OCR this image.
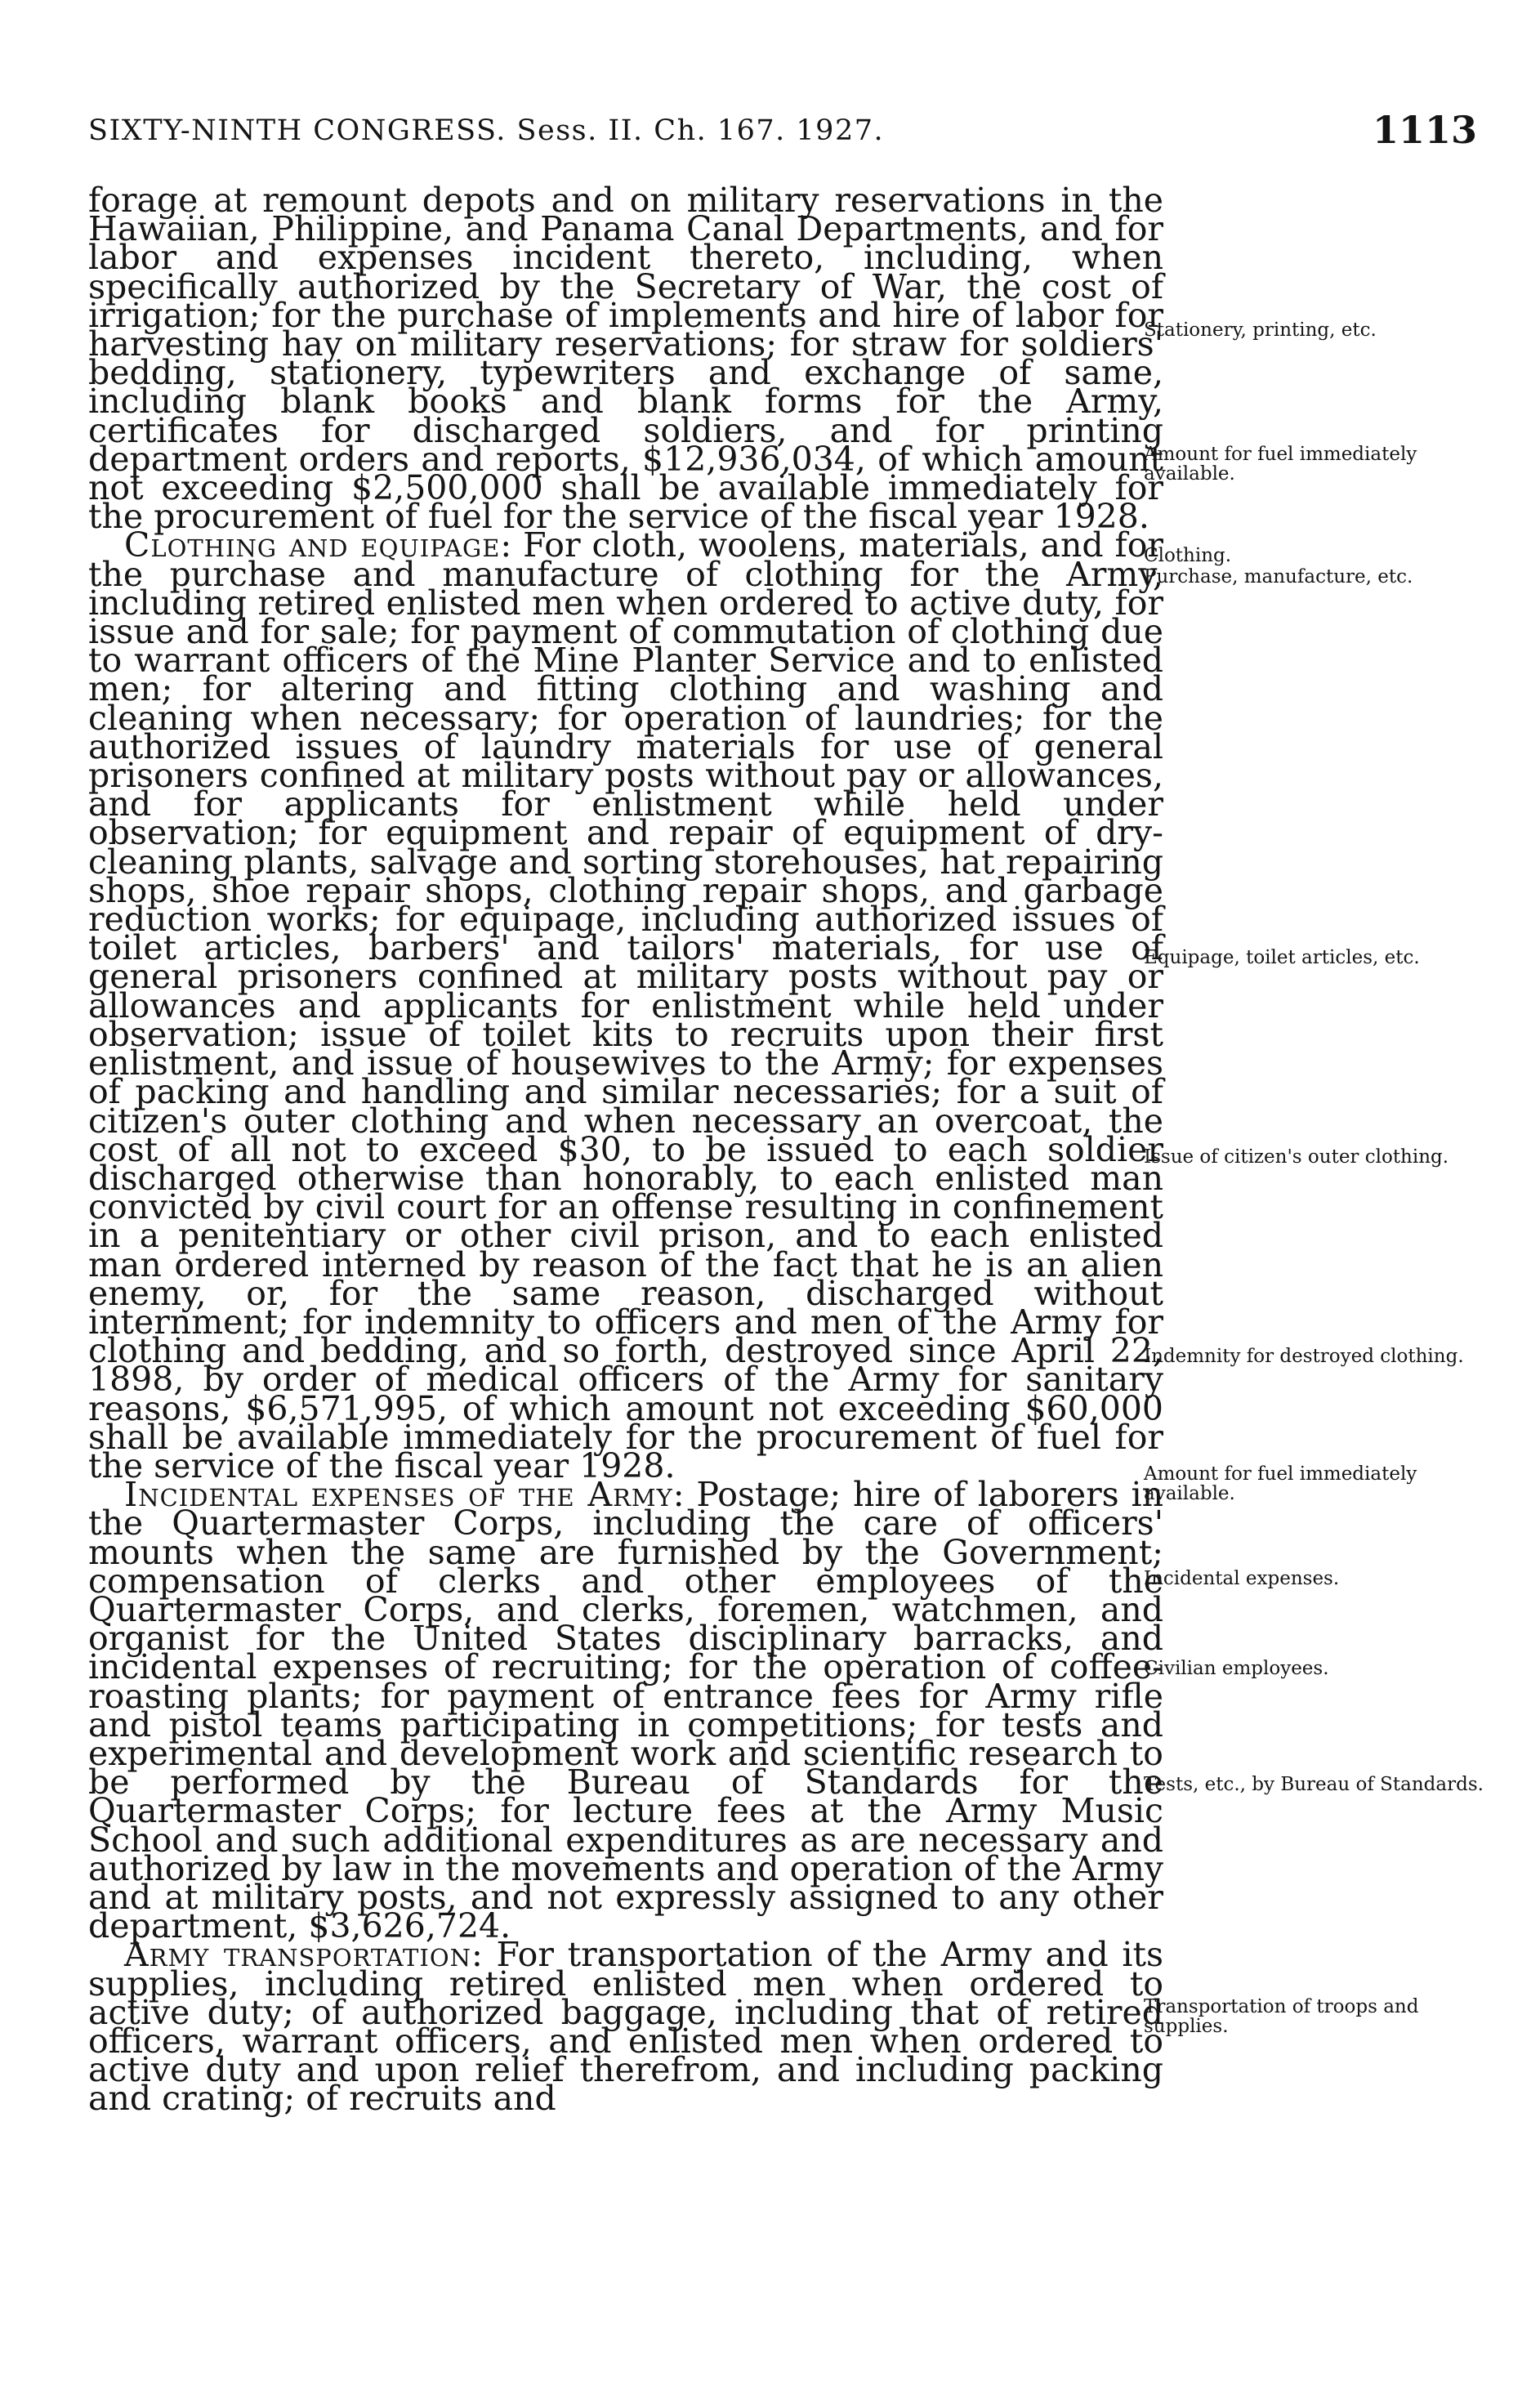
SIXTY-NINTH CONGRESS. Sess. II. Ch. 167. 1927.	1113

forage at remount depots and on military reservations in the Hawaiian, Philippine, and Panama Canal Departments, and for labor and expenses incident thereto, including, when specifically authorized by the Secretary of War, the cost of irrigation; for the purchase of implements and hire of labor for harvesting hay on military reservations; for straw for soldiers' bedding, stationery, typewriters and exchange of same, including blank books and blank forms for the Army, certificates for discharged soldiers, and for printing department orders and reports, $12,936,034, of which amount not exceeding $2,500,000 shall be available immediately for the procurement of fuel for the service of the fiscal year 1928.

Clothing and equipage: For cloth, woolens, materials, and for the purchase and manufacture of clothing for the Army, including retired enlisted men when ordered to active duty, for issue and for sale; for payment of commutation of clothing due to warrant officers of the Mine Planter Service and to enlisted men; for altering and fitting clothing and washing and cleaning when necessary; for operation of laundries; for the authorized issues of laundry materials for use of general prisoners confined at military posts without pay or allowances, and for applicants for enlistment while held under observation; for equipment and repair of equipment of dry-cleaning plants, salvage and sorting storehouses, hat repairing shops, shoe repair shops, clothing repair shops, and garbage reduction works; for equipage, including authorized issues of toilet articles, barbers' and tailors' materials, for use of general prisoners confined at military posts without pay or allowances and applicants for enlistment while held under observation; issue of toilet kits to recruits upon their first enlistment, and issue of housewives to the Army; for expenses of packing and handling and similar necessaries; for a suit of citizen's outer clothing and when necessary an overcoat, the cost of all not to exceed $30, to be issued to each soldier discharged otherwise than honorably, to each enlisted man convicted by civil court for an offense resulting in confinement in a penitentiary or other civil prison, and to each enlisted man ordered interned by reason of the fact that he is an alien enemy, or, for the same reason, discharged without internment; for indemnity to officers and men of the Army for clothing and bedding, and so forth, destroyed since April 22, 1898, by order of medical officers of the Army for sanitary reasons, $6,571,995, of which amount not exceeding $60,000 shall be available immediately for the procurement of fuel for the service of the fiscal year 1928.

Incidental expenses of the Army: Postage; hire of laborers in the Quartermaster Corps, including the care of officers' mounts when the same are furnished by the Government; compensation of clerks and other employees of the Quartermaster Corps, and clerks, foremen, watchmen, and organist for the United States disciplinary barracks, and incidental expenses of recruiting; for the operation of coffee-roasting plants; for payment of entrance fees for Army rifle and pistol teams participating in competitions; for tests and experimental and development work and scientific research to be performed by the Bureau of Standards for the Quartermaster Corps; for lecture fees at the Army Music School and such additional expenditures as are necessary and authorized by law in the movements and operation of the Army and at military posts, and not expressly assigned to any other department, $3,626,724.

Army transportation: For transportation of the Army and its supplies, including retired enlisted men when ordered to active duty; of authorized baggage, including that of retired officers, warrant officers, and enlisted men when ordered to active duty and upon relief therefrom, and including packing and crating; of recruits and

Stationery, printing, etc.
Amount for fuel immediately available.
Clothing.
Purchase, manufacture, etc.
Equipage, toilet articles, etc.
Issue of citizen's outer clothing.
Indemnity for destroyed clothing.
Amount for fuel immediately available.
Incidental expenses.
Civilian employees.
Tests, etc., by Bureau of Standards.
Transportation of troops and supplies.
